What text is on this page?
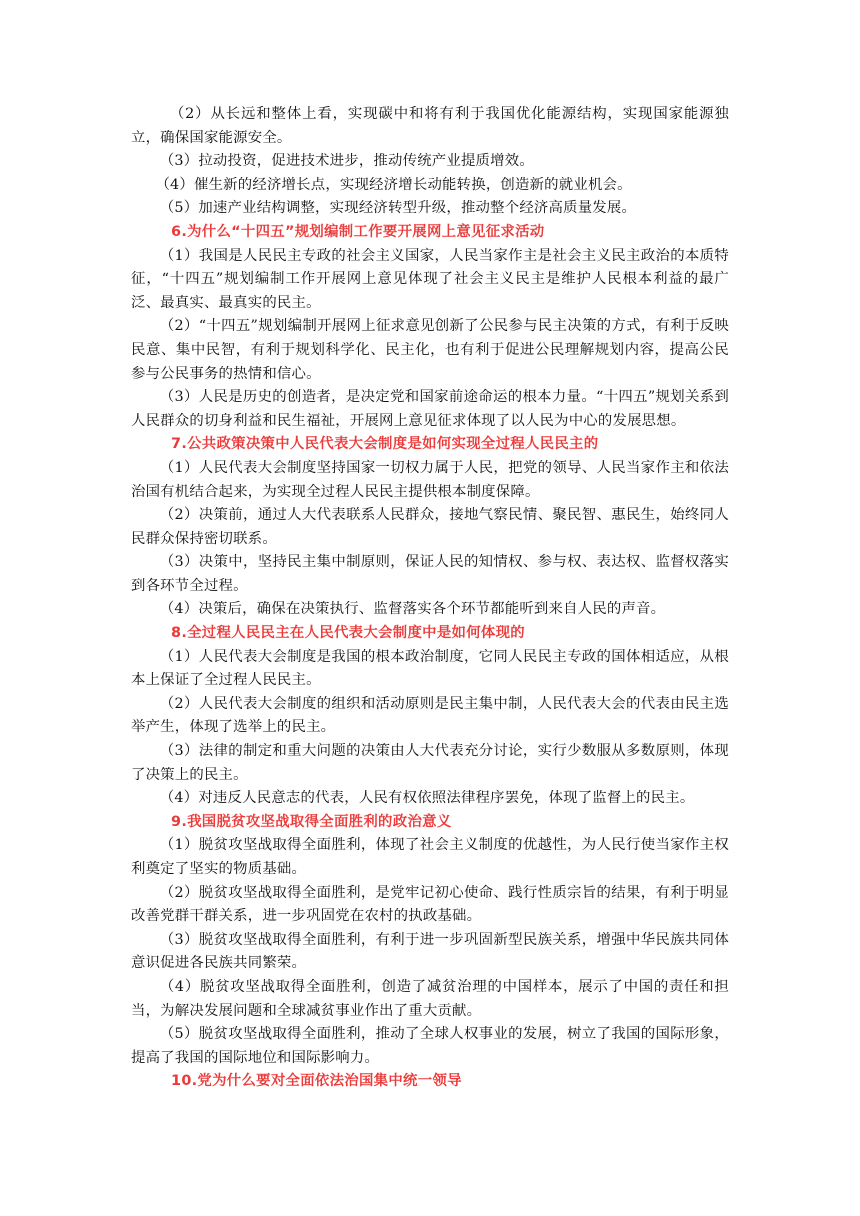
（2）从长远和整体上看，实现碳中和将有利于我国优化能源结构，实现国家能源独立，确保国家能源安全。

（3）拉动投资，促进技术进步，推动传统产业提质增效。

（4）催生新的经济增长点，实现经济增长动能转换，创造新的就业机会。

（5）加速产业结构调整，实现经济转型升级，推动整个经济高质量发展。

6.为什么“十四五”规划编制工作要开展网上意见征求活动

（1）我国是人民民主专政的社会主义国家，人民当家作主是社会主义民主政治的本质特征，“十四五”规划编制工作开展网上意见体现了社会主义民主是维护人民根本利益的最广泛、最真实、最真实的民主。

（2）“十四五”规划编制开展网上征求意见创新了公民参与民主决策的方式，有利于反映民意、集中民智，有利于规划科学化、民主化，也有利于促进公民理解规划内容，提高公民参与公民事务的热情和信心。

（3）人民是历史的创造者，是决定党和国家前途命运的根本力量。“十四五”规划关系到人民群众的切身利益和民生福祉，开展网上意见征求体现了以人民为中心的发展思想。

7.公共政策决策中人民代表大会制度是如何实现全过程人民民主的

（1）人民代表大会制度坚持国家一切权力属于人民，把党的领导、人民当家作主和依法治国有机结合起来，为实现全过程人民民主提供根本制度保障。

（2）决策前，通过人大代表联系人民群众，接地气察民情、聚民智、惠民生，始终同人民群众保持密切联系。

（3）决策中，坚持民主集中制原则，保证人民的知情权、参与权、表达权、监督权落实到各环节全过程。

（4）决策后，确保在决策执行、监督落实各个环节都能听到来自人民的声音。

8.全过程人民民主在人民代表大会制度中是如何体现的

（1）人民代表大会制度是我国的根本政治制度，它同人民民主专政的国体相适应，从根本上保证了全过程人民民主。

（2）人民代表大会制度的组织和活动原则是民主集中制，人民代表大会的代表由民主选举产生，体现了选举上的民主。

（3）法律的制定和重大问题的决策由人大代表充分讨论，实行少数服从多数原则，体现了决策上的民主。

（4）对违反人民意志的代表，人民有权依照法律程序罢免，体现了监督上的民主。

9.我国脱贫攻坚战取得全面胜利的政治意义

（1）脱贫攻坚战取得全面胜利，体现了社会主义制度的优越性，为人民行使当家作主权利奠定了坚实的物质基础。

（2）脱贫攻坚战取得全面胜利，是党牢记初心使命、践行性质宗旨的结果，有利于明显改善党群干群关系，进一步巩固党在农村的执政基础。

（3）脱贫攻坚战取得全面胜利，有利于进一步巩固新型民族关系，增强中华民族共同体意识促进各民族共同繁荣。

（4）脱贫攻坚战取得全面胜利，创造了减贫治理的中国样本，展示了中国的责任和担当，为解决发展问题和全球减贫事业作出了重大贡献。

（5）脱贫攻坚战取得全面胜利，推动了全球人权事业的发展，树立了我国的国际形象，提高了我国的国际地位和国际影响力。

10.党为什么要对全面依法治国集中统一领导
